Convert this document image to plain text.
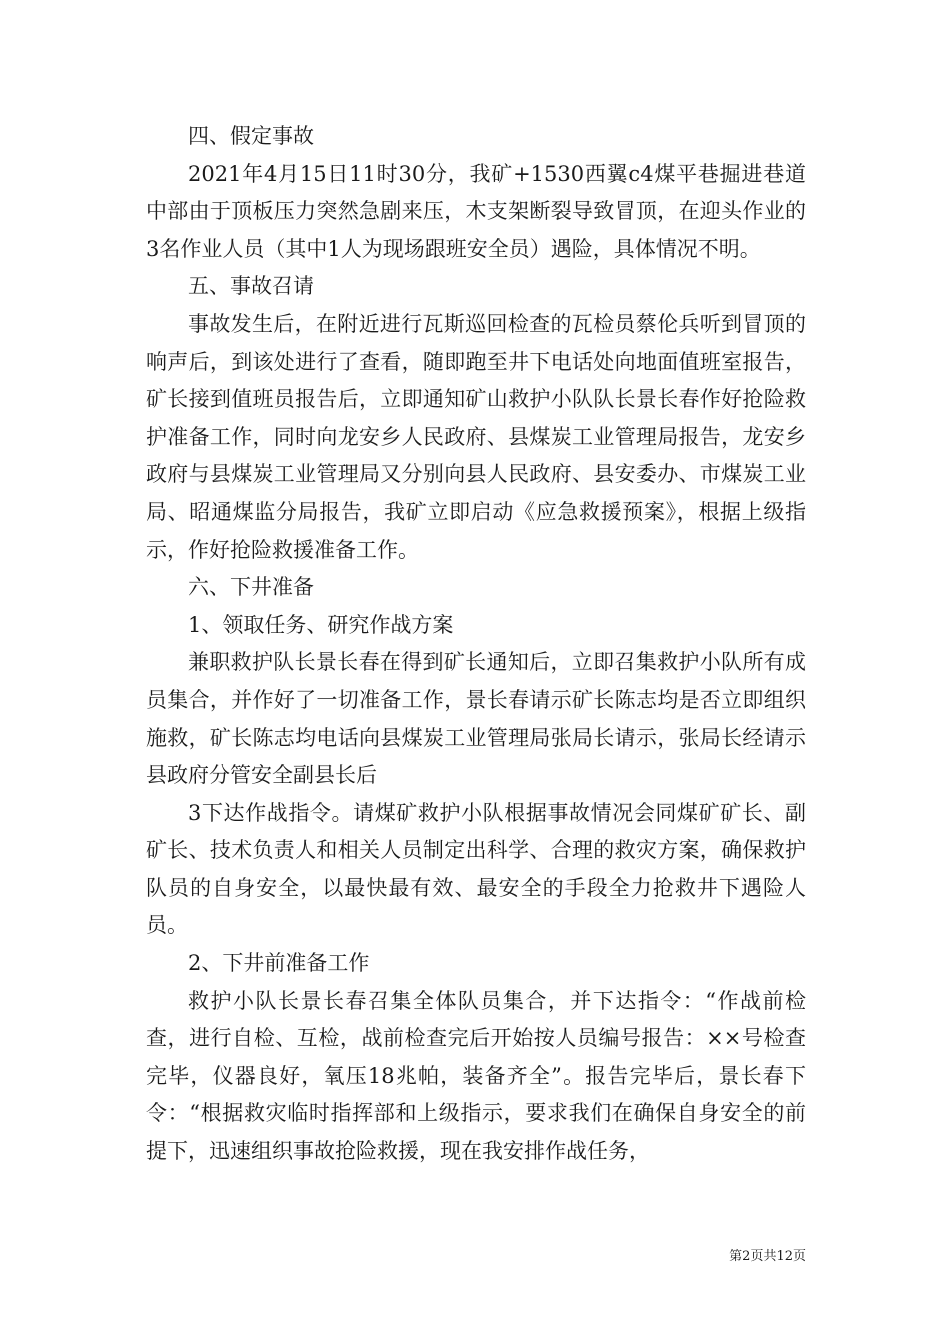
四、假定事故

2021年4月15日11时30分，我矿+1530西翼c4煤平巷掘进巷道中部由于顶板压力突然急剧来压，木支架断裂导致冒顶，在迎头作业的3名作业人员（其中1人为现场跟班安全员）遇险，具体情况不明。

五、事故召请

事故发生后，在附近进行瓦斯巡回检查的瓦检员蔡伦兵听到冒顶的响声后，到该处进行了查看，随即跑至井下电话处向地面值班室报告，矿长接到值班员报告后，立即通知矿山救护小队队长景长春作好抢险救护准备工作，同时向龙安乡人民政府、县煤炭工业管理局报告，龙安乡政府与县煤炭工业管理局又分别向县人民政府、县安委办、市煤炭工业局、昭通煤监分局报告，我矿立即启动《应急救援预案》，根据上级指示，作好抢险救援准备工作。

六、下井准备

1、领取任务、研究作战方案

兼职救护队长景长春在得到矿长通知后，立即召集救护小队所有成员集合，并作好了一切准备工作，景长春请示矿长陈志均是否立即组织施救，矿长陈志均电话向县煤炭工业管理局张局长请示，张局长经请示县政府分管安全副县长后

3下达作战指令。请煤矿救护小队根据事故情况会同煤矿矿长、副矿长、技术负责人和相关人员制定出科学、合理的救灾方案，确保救护队员的自身安全，以最快最有效、最安全的手段全力抢救井下遇险人员。

2、下井前准备工作

救护小队长景长春召集全体队员集合，并下达指令：“作战前检查，进行自检、互检，战前检查完后开始按人员编号报告：××号检查完毕，仪器良好，氧压18兆帕，装备齐全”。报告完毕后，景长春下令：“根据救灾临时指挥部和上级指示，要求我们在确保自身安全的前提下，迅速组织事故抢险救援，现在我安排作战任务，

第2页共12页
